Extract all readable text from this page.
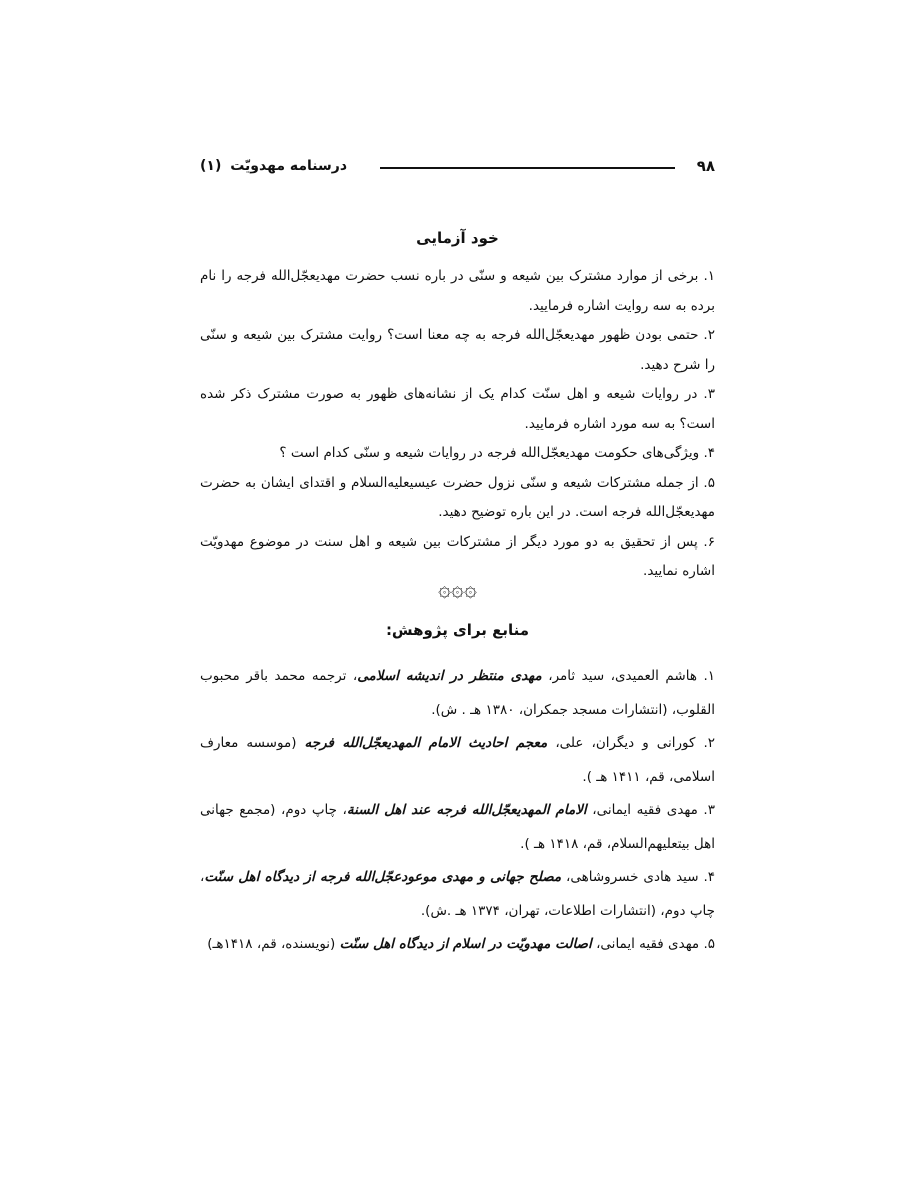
۹۸
درسنامه مهدویّت (۱)
خود آزمایی

۱. برخی از موارد مشترک بین شیعه و سنّی در باره نسب حضرت مهدیعجّل‌الله‌ فرجه را نام برده به سه روایت اشاره فرمایید.

۲. حتمی بودن ظهور مهدیعجّل‌الله‌ فرجه به چه معنا است؟ روایت مشترک بین شیعه و سنّی را شرح دهید.

۳. در روایات شیعه و اهل سنّت کدام یک از نشانه‌های ظهور به صورت مشترک ذکر شده است؟ به سه مورد اشاره فرمایید.

۴. ویژگی‌های حکومت مهدیعجّل‌الله‌ فرجه در روایات شیعه و سنّی کدام است ؟

۵. از جمله مشترکات شیعه و سنّی نزول حضرت عیسیعلیه‌السلام و اقتدای ایشان به حضرت مهدیعجّل‌الله‌ فرجه است. در این باره توضیح دهید.

۶. پس از تحقیق به دو مورد دیگر از مشترکات بین شیعه و اهل سنت در موضوع مهدویّت اشاره نمایید.

۞۞۞
منابع برای پژوهش:

۱. هاشم العمیدی، سید ثامر، مهدی منتظر در اندیشه اسلامی، ترجمه محمد باقر محبوب القلوب، (انتشارات مسجد جمکران، ۱۳۸۰ هـ . ش).

۲. کورانی و دیگران، علی، معجم احادیث الامام المهدیعجّل‌الله‌ فرجه (موسسه معارف اسلامی، قم، ۱۴۱۱ هـ ).

۳. مهدی فقیه ایمانی، الامام المهدیعجّل‌الله‌ فرجه عند اهل السنة، چاپ دوم، (مجمع جهانی اهل بیتعلیهم‌السلام، قم، ۱۴۱۸ هـ ).

۴. سید هادی خسروشاهی، مصلح جهانی و مهدی موعودعجّل‌الله‌ فرجه از دیدگاه اهل سنّت، چاپ دوم، (انتشارات اطلاعات، تهران، ۱۳۷۴ هـ .ش).

۵. مهدی فقیه ایمانی، اصالت مهدویّت در اسلام از دیدگاه اهل سنّت (نویسنده، قم، ۱۴۱۸هـ)
